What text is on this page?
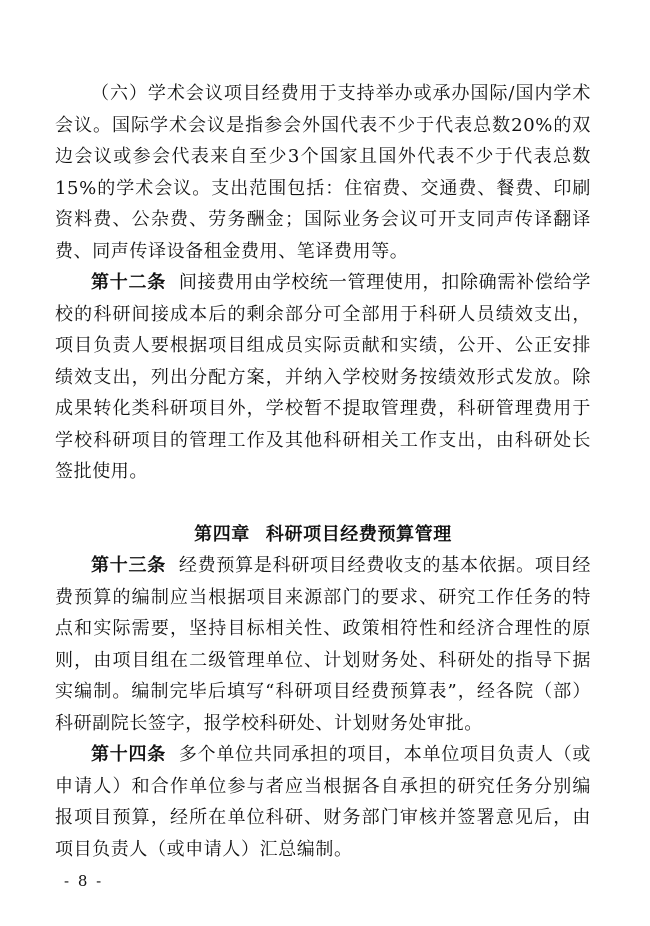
（六）学术会议项目经费用于支持举办或承办国际/国内学术会议。国际学术会议是指参会外国代表不少于代表总数20%的双边会议或参会代表来自至少3个国家且国外代表不少于代表总数15%的学术会议。支出范围包括：住宿费、交通费、餐费、印刷资料费、公杂费、劳务酬金；国际业务会议可开支同声传译翻译费、同声传译设备租金费用、笔译费用等。

第十二条 间接费用由学校统一管理使用，扣除确需补偿给学校的科研间接成本后的剩余部分可全部用于科研人员绩效支出，项目负责人要根据项目组成员实际贡献和实绩，公开、公正安排绩效支出，列出分配方案，并纳入学校财务按绩效形式发放。除成果转化类科研项目外，学校暂不提取管理费，科研管理费用于学校科研项目的管理工作及其他科研相关工作支出，由科研处长签批使用。

第四章 科研项目经费预算管理

第十三条 经费预算是科研项目经费收支的基本依据。项目经费预算的编制应当根据项目来源部门的要求、研究工作任务的特点和实际需要，坚持目标相关性、政策相符性和经济合理性的原则，由项目组在二级管理单位、计划财务处、科研处的指导下据实编制。编制完毕后填写“科研项目经费预算表”，经各院（部）科研副院长签字，报学校科研处、计划财务处审批。

第十四条 多个单位共同承担的项目，本单位项目负责人（或申请人）和合作单位参与者应当根据各自承担的研究任务分别编报项目预算，经所在单位科研、财务部门审核并签署意见后，由项目负责人（或申请人）汇总编制。

- 8 -
